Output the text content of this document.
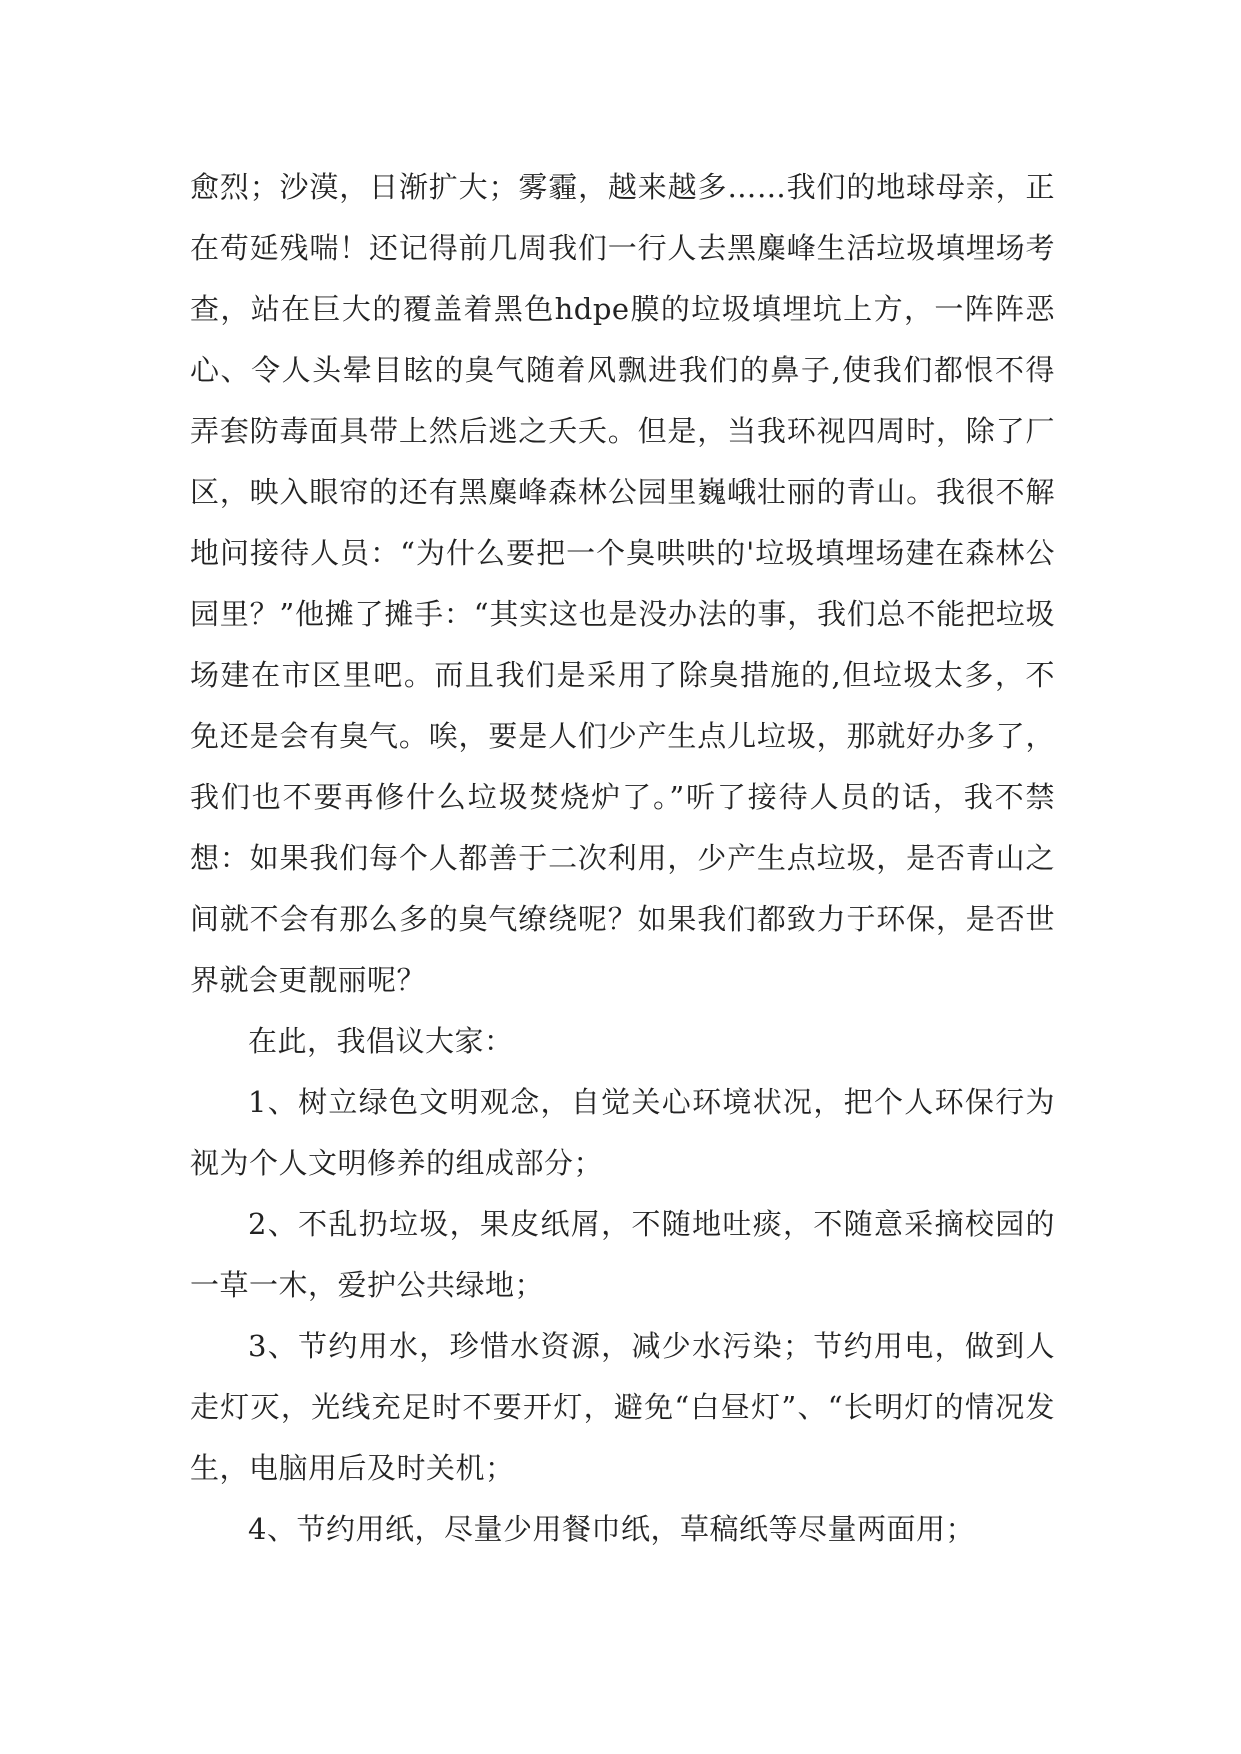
愈烈；沙漠，日渐扩大；雾霾，越来越多……我们的地球母亲，正在苟延残喘！还记得前几周我们一行人去黑麋峰生活垃圾填埋场考查，站在巨大的覆盖着黑色hdpe膜的垃圾填埋坑上方，一阵阵恶心、令人头晕目眩的臭气随着风飘进我们的鼻子,使我们都恨不得弄套防毒面具带上然后逃之夭夭。但是，当我环视四周时，除了厂区，映入眼帘的还有黑麋峰森林公园里巍峨壮丽的青山。我很不解地问接待人员：“为什么要把一个臭哄哄的'垃圾填埋场建在森林公园里？”他摊了摊手：“其实这也是没办法的事，我们总不能把垃圾场建在市区里吧。而且我们是采用了除臭措施的,但垃圾太多，不免还是会有臭气。唉，要是人们少产生点儿垃圾，那就好办多了，我们也不要再修什么垃圾焚烧炉了。”听了接待人员的话，我不禁想：如果我们每个人都善于二次利用，少产生点垃圾，是否青山之间就不会有那么多的臭气缭绕呢？如果我们都致力于环保，是否世界就会更靓丽呢？

在此，我倡议大家：

1、树立绿色文明观念，自觉关心环境状况，把个人环保行为视为个人文明修养的组成部分；

2、不乱扔垃圾，果皮纸屑，不随地吐痰，不随意采摘校园的一草一木，爱护公共绿地；

3、节约用水，珍惜水资源，减少水污染；节约用电，做到人走灯灭，光线充足时不要开灯，避免“白昼灯”、“长明灯的情况发生，电脑用后及时关机；

4、节约用纸，尽量少用餐巾纸，草稿纸等尽量两面用；
